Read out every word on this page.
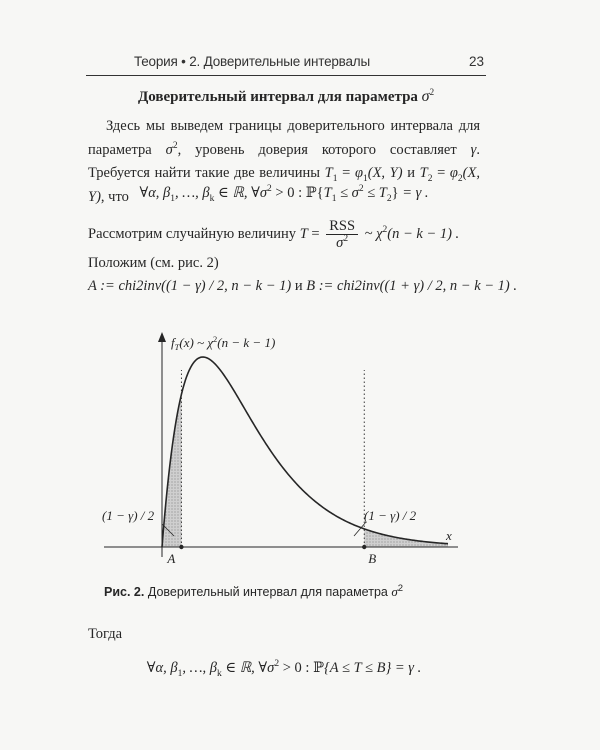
Теория • 2. Доверительные интервалы	23
Доверительный интервал для параметра $\sigma^2$
Здесь мы выведем границы доверительного интервала для параметра $\sigma^2$, уровень доверия которого составляет γ. Требуется найти такие две величины $T_1 = \varphi_1(X$, Y) и $T_2 = \varphi_2(X$, Y), что ∀α, $\beta_1$, …, $\beta_k$ ∈ ℝ, $\forall\sigma^2 > 0$ : $ℙ\{T_1 \le \sigma^2 \le T_2\} = \gamma$ .
Рассмотрим случайную величину $T = \frac{\text{RSS}}{\sigma^2}$ ~ $\chi^2(n - k - 1)$ .
Положим (см. рис. 2)
A := chi2inv((1 − γ) / 2, n − k − 1) и B := chi2inv((1 + γ) / 2, n − k − 1) .
$f_T(x)$ ~ $\chi^2(n - k - 1)$
x
(1 − γ) / 2	(1 − γ) / 2
A	B
Рис. 2. Доверительный интервал для параметра $\sigma^2$
Тогда
∀α, $\beta_1$, …, $\beta_k$ ∈ ℝ, $\forall\sigma^2 > 0$ : ℙ{A ≤ T ≤ B} = γ .
